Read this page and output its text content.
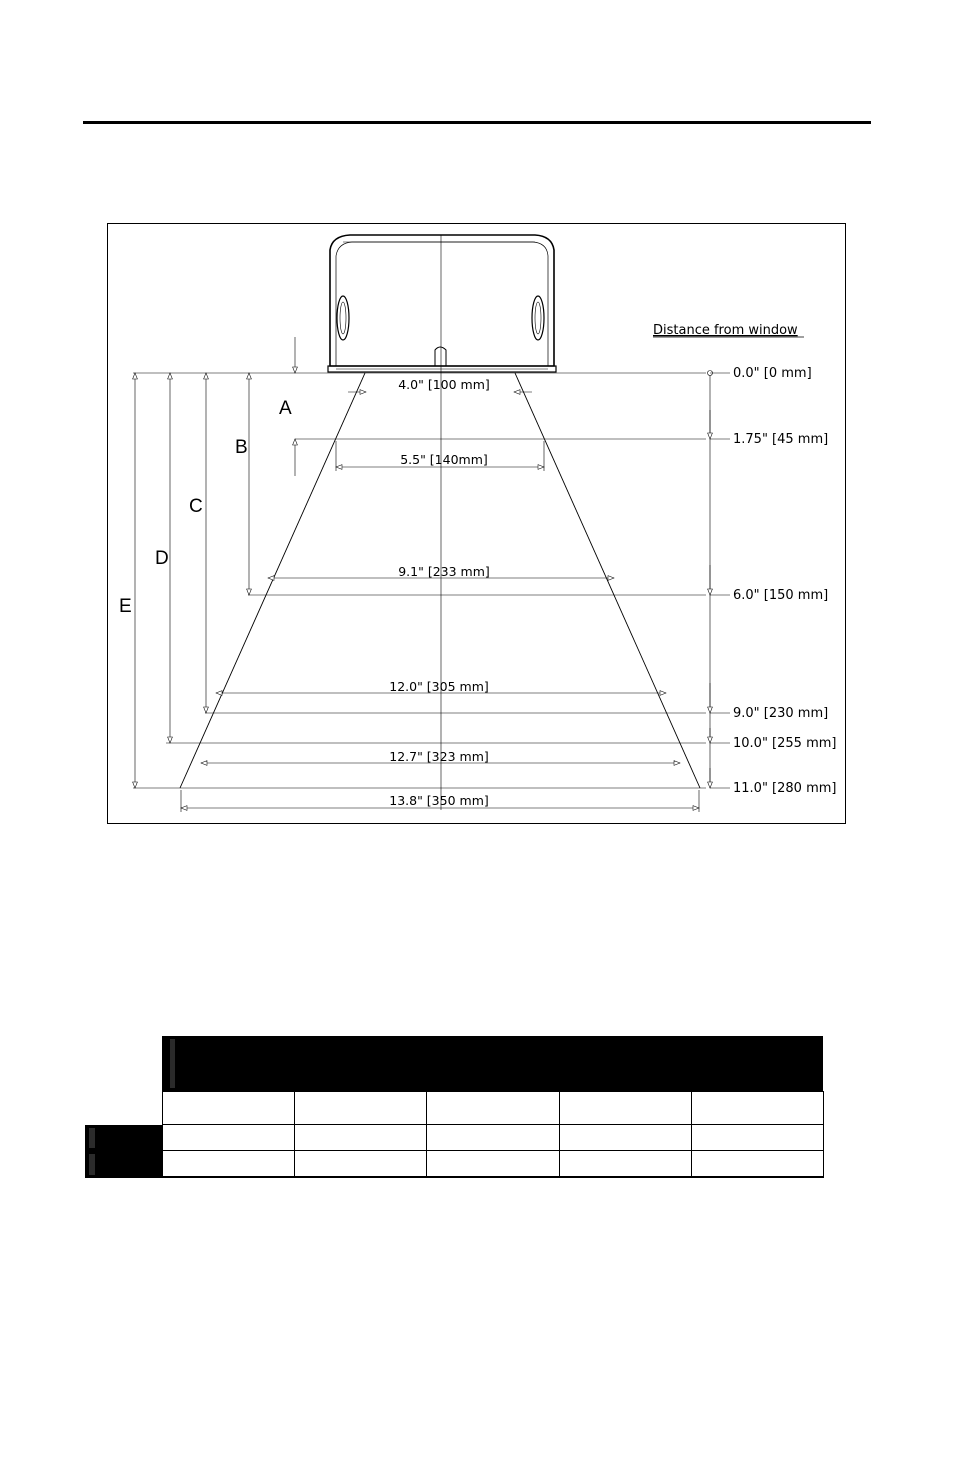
Distance from window
4.0" [100 mm]
5.5" [140mm]
9.1" [233 mm]
12.0" [305 mm]
12.7" [323 mm]
13.8" [350 mm]
0.0" [0 mm]
1.75" [45 mm]
6.0" [150 mm]
9.0" [230 mm]
10.0" [255 mm]
11.0" [280 mm]
A
B
C
D
E
